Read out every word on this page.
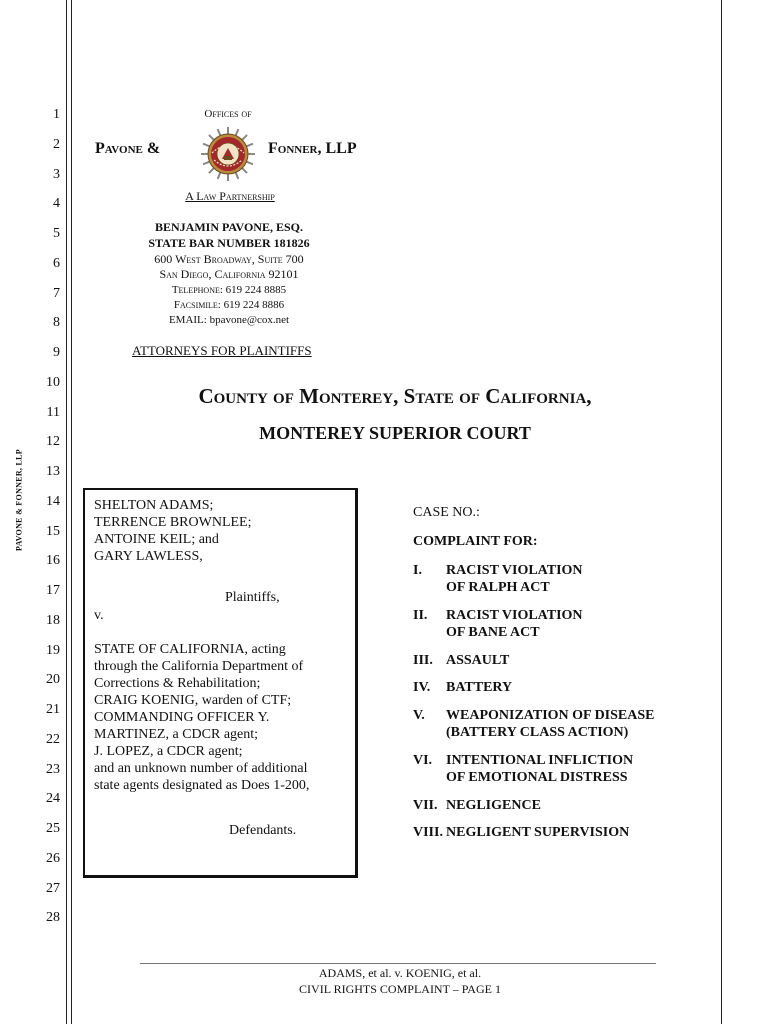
PAVONE & FONNER, LLP
1
2
3
4
5
6
7
8
9
10
11
12
13
14
15
16
17
18
19
20
21
22
23
24
25
26
27
28
Offices of
Pavone &	Fonner, LLP
A Law Partnership
BENJAMIN PAVONE, ESQ.
STATE BAR NUMBER 181826
600 West Broadway, Suite 700
San Diego, California 92101
Telephone: 619 224 8885
Facsimile: 619 224 8886
EMAIL: bpavone@cox.net
ATTORNEYS FOR PLAINTIFFS
County of Monterey, State of California,
MONTEREY SUPERIOR COURT
SHELTON ADAMS;
TERRENCE BROWNLEE;
ANTOINE KEIL; and
GARY LAWLESS,
Plaintiffs,
v.
STATE OF CALIFORNIA, acting
through the California Department of
Corrections & Rehabilitation;
CRAIG KOENIG, warden of CTF;
COMMANDING OFFICER Y.
MARTINEZ, a CDCR agent;
J. LOPEZ, a CDCR agent;
and an unknown number of additional
state agents designated as Does 1-200,
Defendants.
CASE NO.:
COMPLAINT FOR:
I. RACIST VIOLATION
OF RALPH ACT
II. RACIST VIOLATION
OF BANE ACT
III. ASSAULT
IV. BATTERY
V. WEAPONIZATION OF DISEASE
(BATTERY CLASS ACTION)
VI. INTENTIONAL INFLICTION
OF EMOTIONAL DISTRESS
VII. NEGLIGENCE
VIII. NEGLIGENT SUPERVISION
ADAMS, et al. v. KOENIG, et al.
CIVIL RIGHTS COMPLAINT – PAGE 1
